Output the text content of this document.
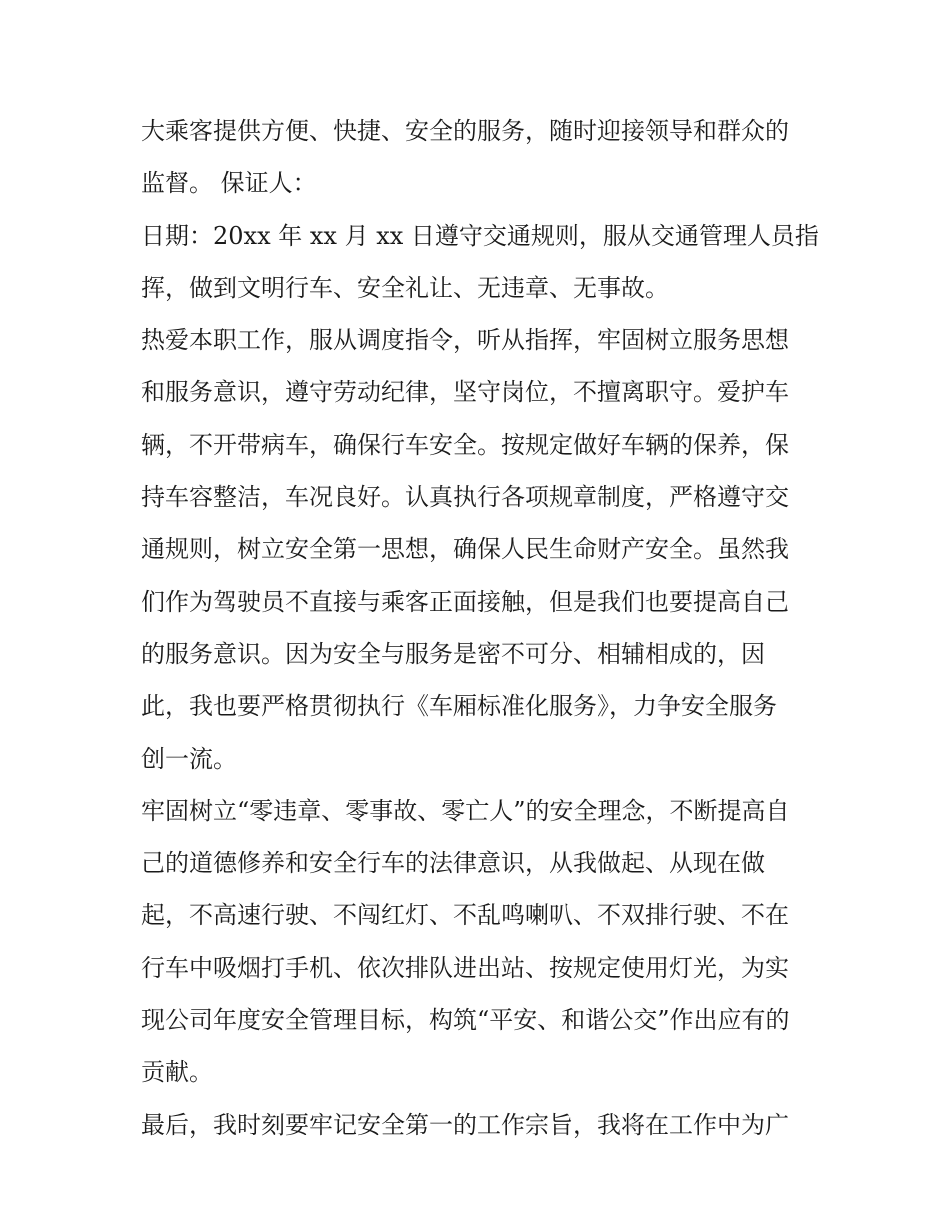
大乘客提供方便、快捷、安全的服务，随时迎接领导和群众的
监督。 保证人：
日期：20xx 年 xx 月 xx 日遵守交通规则，服从交通管理人员指
挥，做到文明行车、安全礼让、无违章、无事故。
热爱本职工作，服从调度指令，听从指挥，牢固树立服务思想
和服务意识，遵守劳动纪律，坚守岗位，不擅离职守。爱护车
辆，不开带病车，确保行车安全。按规定做好车辆的保养，保
持车容整洁，车况良好。认真执行各项规章制度，严格遵守交
通规则，树立安全第一思想，确保人民生命财产安全。虽然我
们作为驾驶员不直接与乘客正面接触，但是我们也要提高自己
的服务意识。因为安全与服务是密不可分、相辅相成的，因
此，我也要严格贯彻执行《车厢标准化服务》，力争安全服务
创一流。
牢固树立“零违章、零事故、零亡人”的安全理念，不断提高自
己的道德修养和安全行车的法律意识，从我做起、从现在做
起，不高速行驶、不闯红灯、不乱鸣喇叭、不双排行驶、不在
行车中吸烟打手机、依次排队进出站、按规定使用灯光，为实
现公司年度安全管理目标，构筑“平安、和谐公交”作出应有的
贡献。
最后，我时刻要牢记安全第一的工作宗旨，我将在工作中为广
